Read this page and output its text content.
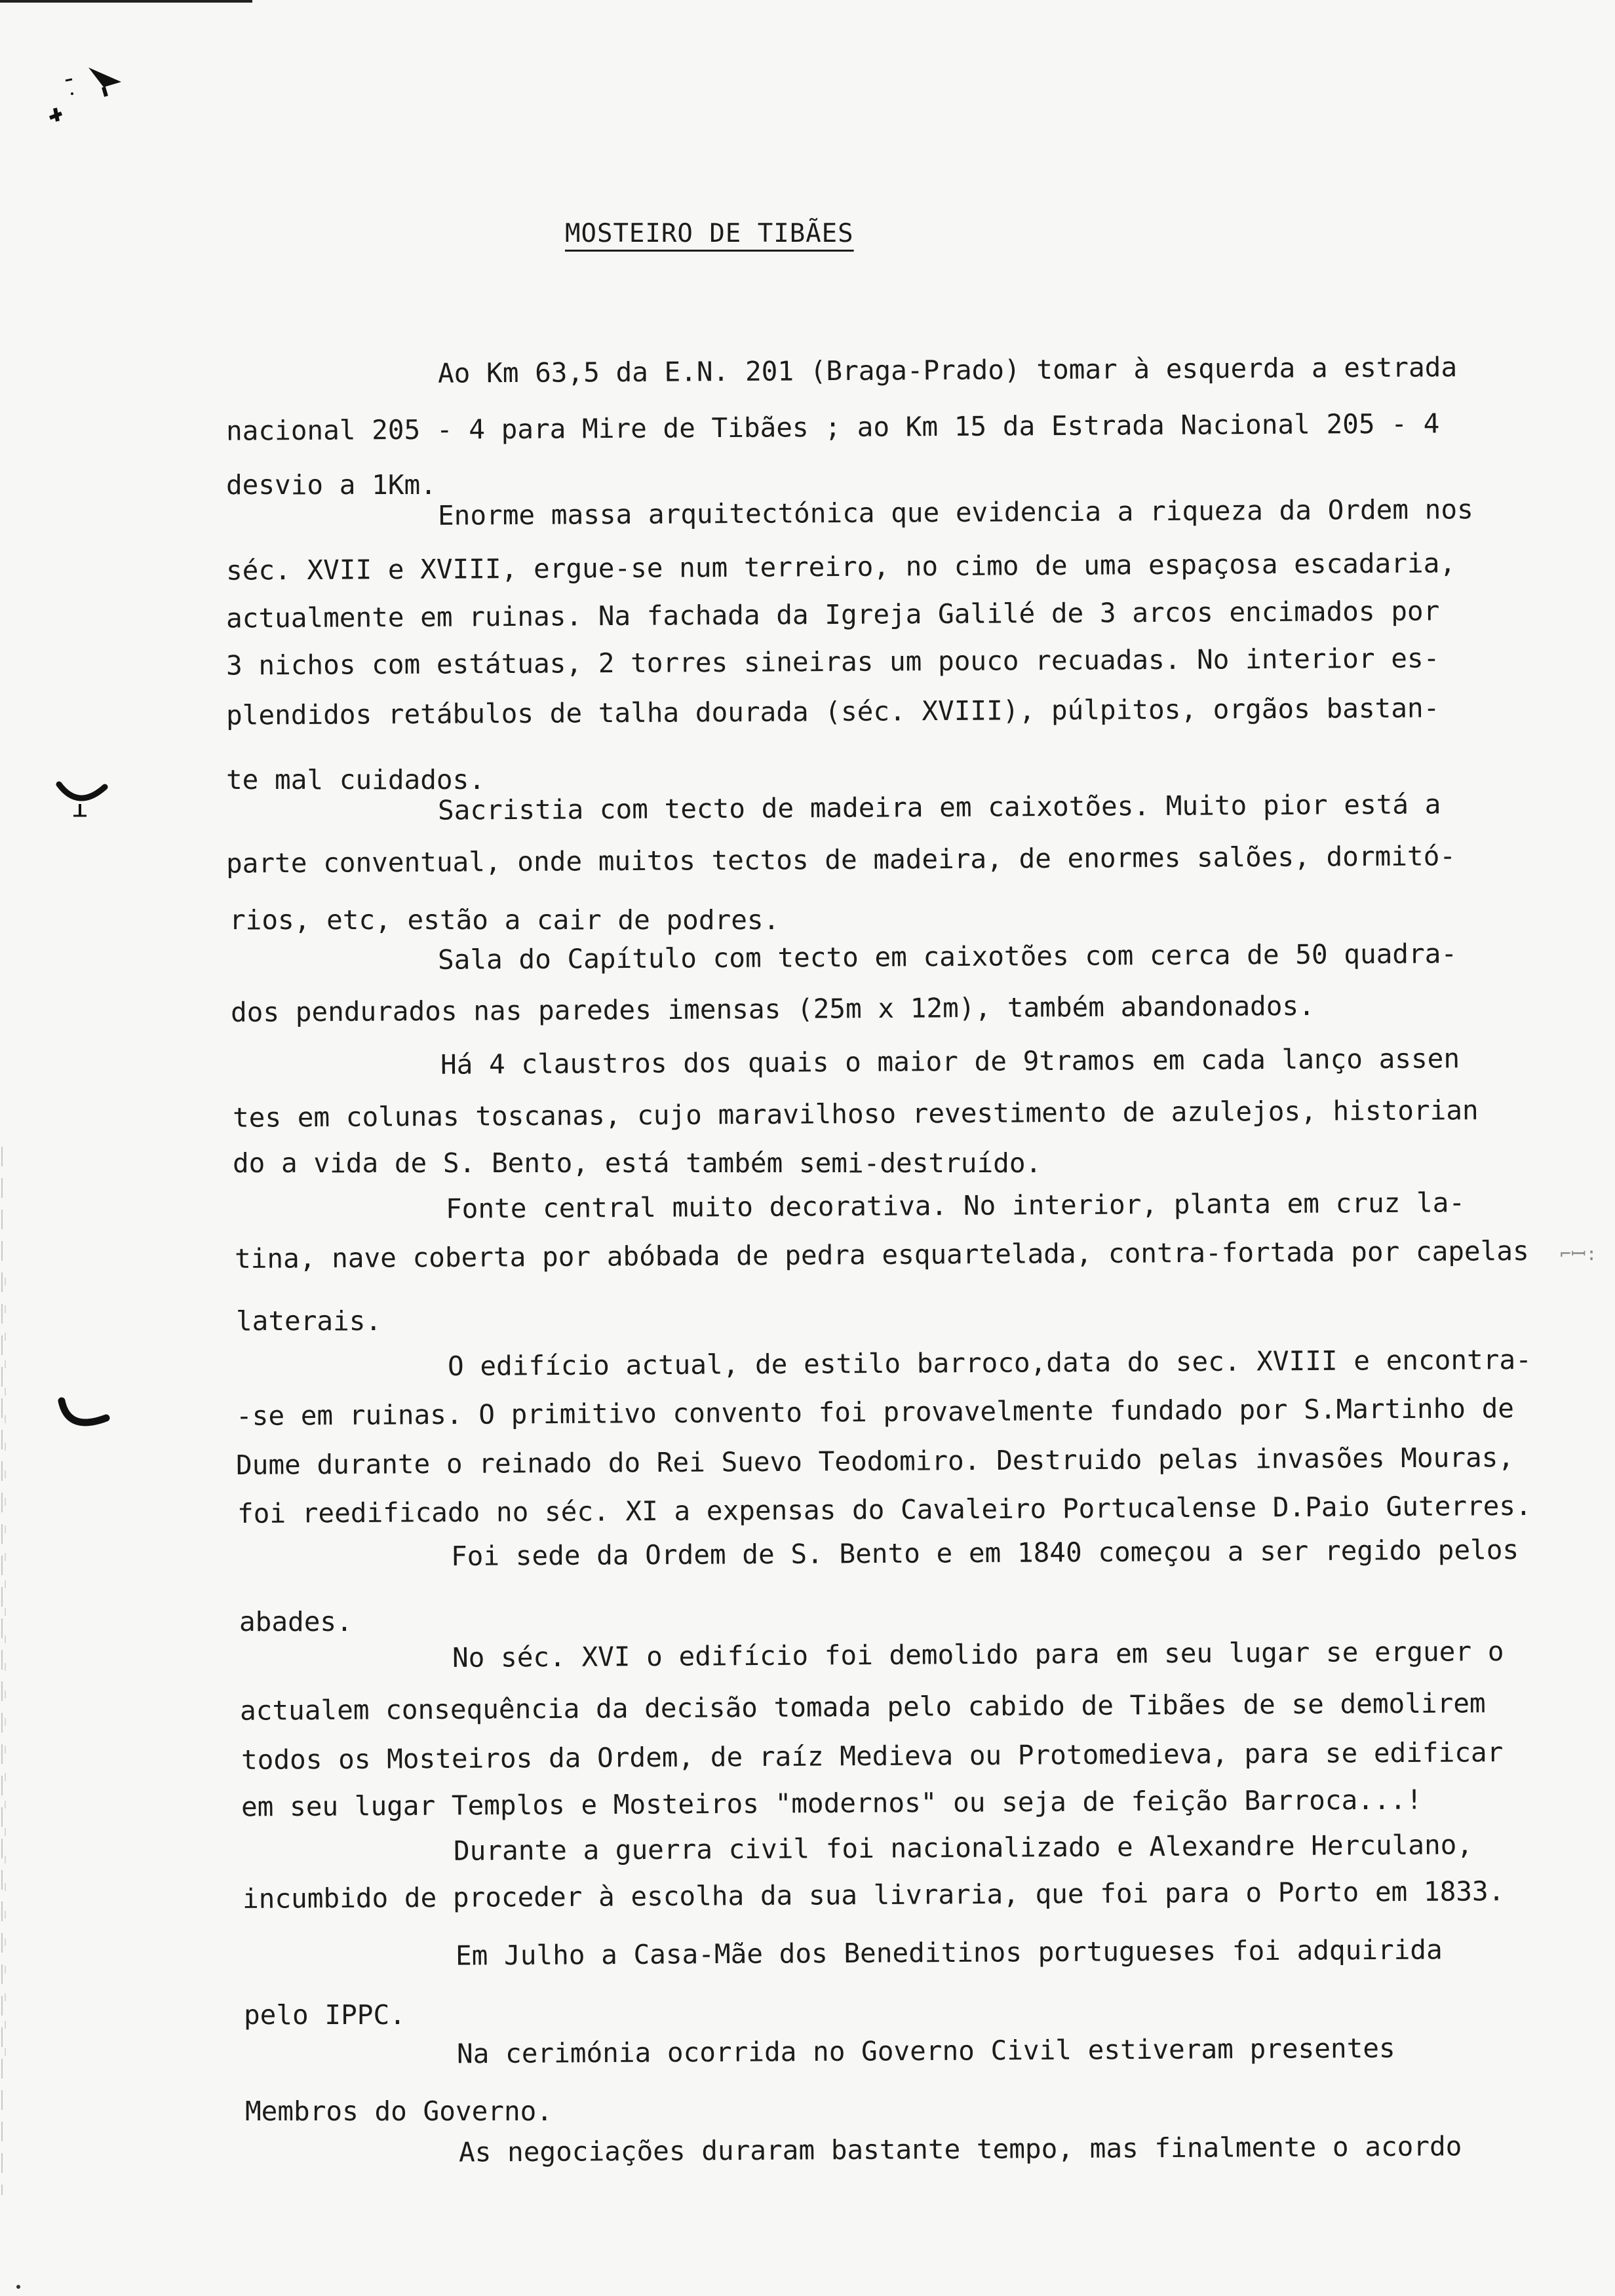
MOSTEIRO DE TIBÃES
Ao Km 63,5 da E.N. 201 (Braga-Prado) tomar à esquerda a estrada
nacional 205 - 4 para Mire de Tibães ; ao Km 15 da Estrada Nacional 205 - 4
desvio a 1Km.
Enorme massa arquitectónica que evidencia a riqueza da Ordem nos
séc. XVII e XVIII, ergue-se num terreiro, no cimo de uma espaçosa escadaria,
actualmente em ruinas. Na fachada da Igreja Galilé de 3 arcos encimados por
3 nichos com estátuas, 2 torres sineiras um pouco recuadas. No interior es-
plendidos retábulos de talha dourada (séc. XVIII), púlpitos, orgãos bastan-
te mal cuidados.
Sacristia com tecto de madeira em caixotões. Muito pior está a
parte conventual, onde muitos tectos de madeira, de enormes salões, dormitó-
rios, etc, estão a cair de podres.
Sala do Capítulo com tecto em caixotões com cerca de 50 quadra-
dos pendurados nas paredes imensas (25m x 12m), também abandonados.
Há 4 claustros dos quais o maior de 9tramos em cada lanço assen
tes em colunas toscanas, cujo maravilhoso revestimento de azulejos, historian
do a vida de S. Bento, está também semi-destruído.
Fonte central muito decorativa. No interior, planta em cruz la-
tina, nave coberta por abóbada de pedra esquartelada, contra-fortada por capelas
laterais.
O edifício actual, de estilo barroco,data do sec. XVIII e encontra-
-se em ruinas. O primitivo convento foi provavelmente fundado por S.Martinho de
Dume durante o reinado do Rei Suevo Teodomiro. Destruido pelas invasões Mouras,
foi reedificado no séc. XI a expensas do Cavaleiro Portucalense D.Paio Guterres.
Foi sede da Ordem de S. Bento e em 1840 começou a ser regido pelos
abades.
No séc. XVI o edifício foi demolido para em seu lugar se erguer o
actualem consequência da decisão tomada pelo cabido de Tibães de se demolirem
todos os Mosteiros da Ordem, de raíz Medieva ou Protomedieva, para se edificar
em seu lugar Templos e Mosteiros "modernos" ou seja de feição Barroca...!
Durante a guerra civil foi nacionalizado e Alexandre Herculano,
incumbido de proceder à escolha da sua livraria, que foi para o Porto em 1833.
Em Julho a Casa-Mãe dos Beneditinos portugueses foi adquirida
pelo IPPC.
Na cerimónia ocorrida no Governo Civil estiveram presentes
Membros do Governo.
As negociações duraram bastante tempo, mas finalmente o acordo
⌐ꟷ:
